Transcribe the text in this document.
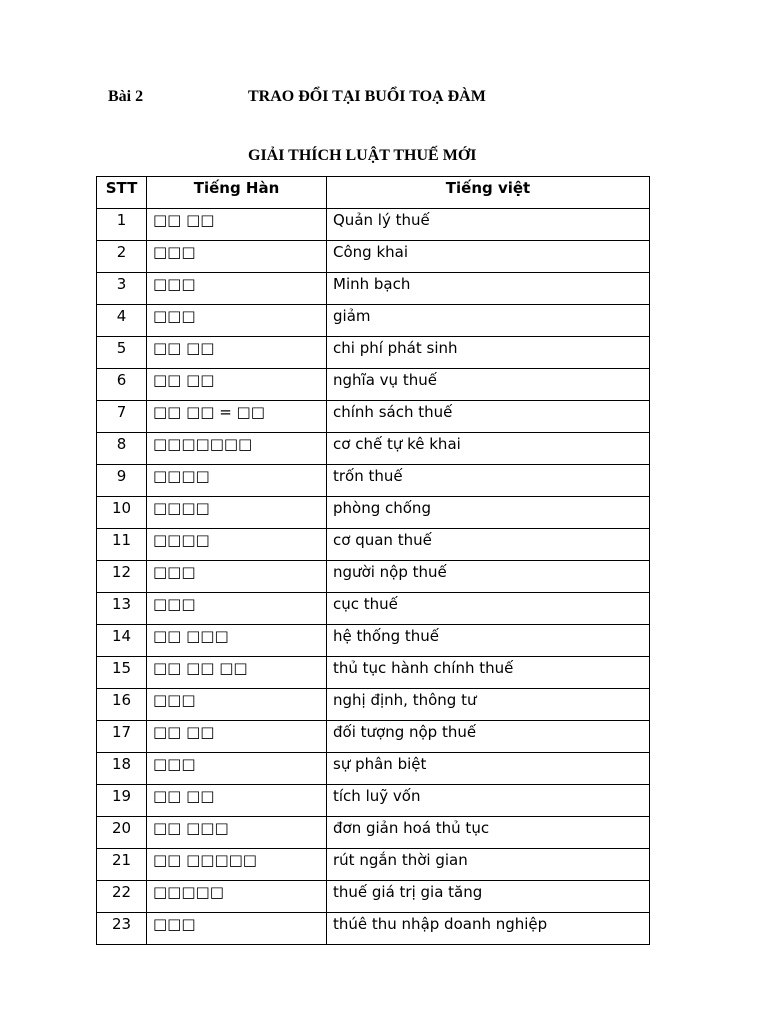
Bài 2	TRAO ĐỔI TẠI BUỔI TOẠ ĐÀM
GIẢI THÍCH LUẬT THUẾ MỚI
STT	Tiếng Hàn	Tiếng việt
1	□□ □□	Quản lý thuế
2	□□□	Công khai
3	□□□	Minh bạch
4	□□□	giảm
5	□□ □□	chi phí phát sinh
6	□□ □□	nghĩa vụ thuế
7	□□ □□ = □□	chính sách thuế
8	□□□□□□□	cơ chế tự kê khai
9	□□□□	trốn thuế
10	□□□□	phòng chống
11	□□□□	cơ quan thuế
12	□□□	người nộp thuế
13	□□□	cục thuế
14	□□ □□□	hệ thống thuế
15	□□ □□ □□	thủ tục hành chính thuế
16	□□□	nghị định, thông tư
17	□□ □□	đối tượng nộp thuế
18	□□□	sự phân biệt
19	□□ □□	tích luỹ vốn
20	□□ □□□	đơn giản hoá thủ tục
21	□□ □□□□□	rút ngắn thời gian
22	□□□□□	thuế giá trị gia tăng
23	□□□	thúê thu nhập doanh nghiệp
